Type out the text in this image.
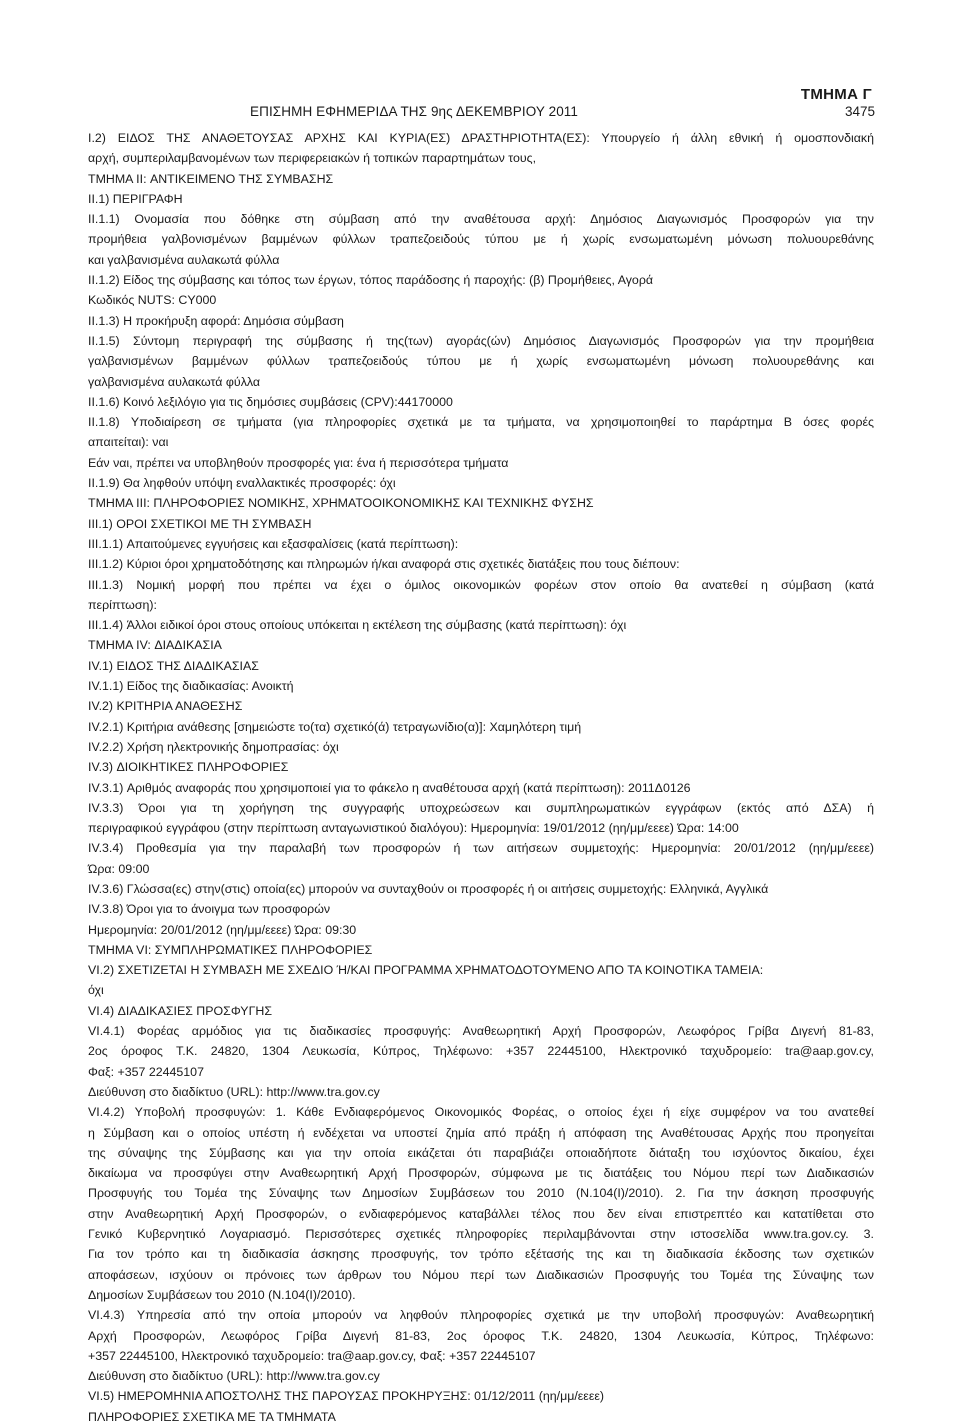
ΤΜΗΜΑ Γ
ΕΠΙΣΗΜΗ ΕΦΗΜΕΡΙΔΑ ΤΗΣ 9ης ΔΕΚΕΜΒΡΙΟΥ 2011	3475
I.2) ΕΙΔΟΣ ΤΗΣ ΑΝΑΘΕΤΟΥΣΑΣ ΑΡΧΗΣ ΚΑΙ ΚΥΡΙΑ(ΕΣ) ΔΡΑΣΤΗΡΙΟΤΗΤΑ(ΕΣ): Υπουργείο ή άλλη εθνική ή ομοσπονδιακή
αρχή, συμπεριλαμβανομένων των περιφερειακών ή τοπικών παραρτημάτων τους,
ΤΜΗΜΑ II: ΑΝΤΙΚΕΙΜΕΝΟ ΤΗΣ ΣΥΜΒΑΣΗΣ
II.1) ΠΕΡΙΓΡΑΦΗ
II.1.1) Ονομασία που δόθηκε στη σύμβαση από την αναθέτουσα αρχή: Δημόσιος Διαγωνισμός Προσφορών για την
προμήθεια γαλβονισμένων βαμμένων φύλλων τραπεζοειδούς τύπου με ή χωρίς ενσωματωμένη μόνωση πολυουρεθάνης
και γαλβανισμένα αυλακωτά φύλλα
II.1.2) Είδος της σύμβασης και τόπος των έργων, τόπος παράδοσης ή παροχής: (β) Προμήθειες, Αγορά
Κωδικός NUTS: CY000
II.1.3) Η προκήρυξη αφορά: Δημόσια σύμβαση
II.1.5) Σύντομη περιγραφή της σύμβασης ή της(των) αγοράς(ών) Δημόσιος Διαγωνισμός Προσφορών για την προμήθεια
γαλβανισμένων βαμμένων φύλλων τραπεζοειδούς τύπου με ή χωρίς ενσωματωμένη μόνωση πολυουρεθάνης και
γαλβανισμένα αυλακωτά φύλλα
II.1.6) Κοινό λεξιλόγιο για τις δημόσιες συμβάσεις (CPV):44170000
II.1.8) Υποδιαίρεση σε τμήματα (για πληροφορίες σχετικά με τα τμήματα, να χρησιμοποιηθεί το παράρτημα Β όσες φορές
απαιτείται): ναι
Εάν ναι, πρέπει να υποβληθούν προσφορές για: ένα ή περισσότερα τμήματα
II.1.9) Θα ληφθούν υπόψη εναλλακτικές προσφορές: όχι
ΤΜΗΜΑ III: ΠΛΗΡΟΦΟΡΙΕΣ ΝΟΜΙΚΗΣ, ΧΡΗΜΑΤΟΟΙΚΟΝΟΜΙΚΗΣ ΚΑΙ ΤΕΧΝΙΚΗΣ ΦΥΣΗΣ
III.1) ΟΡΟΙ ΣΧΕΤΙΚΟΙ ΜΕ ΤΗ ΣΥΜΒΑΣΗ
III.1.1) Απαιτούμενες εγγυήσεις και εξασφαλίσεις (κατά περίπτωση):
III.1.2) Κύριοι όροι χρηματοδότησης και πληρωμών ή/και αναφορά στις σχετικές διατάξεις που τους διέπουν:
III.1.3) Νομική μορφή που πρέπει να έχει ο όμιλος οικονομικών φορέων στον οποίο θα ανατεθεί η σύμβαση (κατά
περίπτωση):
III.1.4) Άλλοι ειδικοί όροι στους οποίους υπόκειται η εκτέλεση της σύμβασης (κατά περίπτωση): όχι
ΤΜΗΜΑ IV: ΔΙΑΔΙΚΑΣΙΑ
IV.1) ΕΙΔΟΣ ΤΗΣ ΔΙΑΔΙΚΑΣΙΑΣ
IV.1.1) Είδος της διαδικασίας: Ανοικτή
IV.2) ΚΡΙΤΗΡΙΑ ΑΝΑΘΕΣΗΣ
IV.2.1) Κριτήρια ανάθεσης [σημειώστε το(τα) σχετικό(ά) τετραγωνίδιο(α)]: Χαμηλότερη τιμή
IV.2.2) Χρήση ηλεκτρονικής δημοπρασίας: όχι
IV.3) ΔΙΟΙΚΗΤΙΚΕΣ ΠΛΗΡΟΦΟΡΙΕΣ
IV.3.1) Αριθμός αναφοράς που χρησιμοποιεί για το φάκελο η αναθέτουσα αρχή (κατά περίπτωση): 2011Δ0126
IV.3.3) Όροι για τη χορήγηση της συγγραφής υποχρεώσεων και συμπληρωματικών εγγράφων (εκτός από ΔΣΑ) ή
περιγραφικού εγγράφου (στην περίπτωση ανταγωνιστικού διαλόγου): Ημερομηνία: 19/01/2012 (ηη/μμ/εεεε) Ώρα: 14:00
IV.3.4) Προθεσμία για την παραλαβή των προσφορών ή των αιτήσεων συμμετοχής: Ημερομηνία: 20/01/2012 (ηη/μμ/εεεε)
Ώρα: 09:00
IV.3.6) Γλώσσα(ες) στην(στις) οποία(ες) μπορούν να συνταχθούν οι προσφορές ή οι αιτήσεις συμμετοχής: Ελληνικά, Αγγλικά
IV.3.8) Όροι για το άνοιγμα των προσφορών
Ημερομηνία: 20/01/2012 (ηη/μμ/εεεε) Ώρα: 09:30
ΤΜΗΜΑ VI: ΣΥΜΠΛΗΡΩΜΑΤΙΚΕΣ ΠΛΗΡΟΦΟΡΙΕΣ
VI.2) ΣΧΕΤΙΖΕΤΑΙ Η ΣΥΜΒΑΣΗ ΜΕ ΣΧΕΔΙΟ Ή/ΚΑΙ ΠΡΟΓΡΑΜΜΑ ΧΡΗΜΑΤΟΔΟΤΟΥΜΕΝΟ ΑΠΟ ΤΑ ΚΟΙΝΟΤΙΚΑ ΤΑΜΕΙΑ:
όχι
VI.4) ΔΙΑΔΙΚΑΣΙΕΣ ΠΡΟΣΦΥΓΗΣ
VI.4.1) Φορέας αρμόδιος για τις διαδικασίες προσφυγής: Αναθεωρητική Αρχή Προσφορών, Λεωφόρος Γρίβα Διγενή 81-83,
2ος όροφος Τ.Κ. 24820, 1304 Λευκωσία, Κύπρος, Τηλέφωνο: +357 22445100, Ηλεκτρονικό ταχυδρομείο: tra@aap.gov.cy,
Φαξ: +357 22445107
Διεύθυνση στο διαδίκτυο (URL): http://www.tra.gov.cy
VI.4.2) Υποβολή προσφυγών: 1. Κάθε Ενδιαφερόμενος Οικονομικός Φορέας, ο οποίος έχει ή είχε συμφέρον να του ανατεθεί
η Σύμβαση και ο οποίος υπέστη ή ενδέχεται να υποστεί ζημία από πράξη ή απόφαση της Αναθέτουσας Αρχής που προηγείται
της σύναψης της Σύμβασης και για την οποία εικάζεται ότι παραβιάζει οποιαδήποτε διάταξη του ισχύοντος δικαίου, έχει
δικαίωμα να προσφύγει στην Αναθεωρητική Αρχή Προσφορών, σύμφωνα με τις διατάξεις του Νόμου περί των Διαδικασιών
Προσφυγής του Τομέα της Σύναψης των Δημοσίων Συμβάσεων του 2010 (Ν.104(Ι)/2010). 2. Για την άσκηση προσφυγής
στην Αναθεωρητική Αρχή Προσφορών, ο ενδιαφερόμενος καταβάλλει τέλος που δεν είναι επιστρεπτέο και κατατίθεται στο
Γενικό Κυβερνητικό Λογαριασμό. Περισσότερες σχετικές πληροφορίες περιλαμβάνονται στην ιστοσελίδα www.tra.gov.cy. 3.
Για τον τρόπο και τη διαδικασία άσκησης προσφυγής, τον τρόπο εξέτασής της και τη διαδικασία έκδοσης των σχετικών
αποφάσεων, ισχύουν οι πρόνοιες των άρθρων του Νόμου περί των Διαδικασιών Προσφυγής του Τομέα της Σύναψης των
Δημοσίων Συμβάσεων του 2010 (Ν.104(Ι)/2010).
VI.4.3) Υπηρεσία από την οποία μπορούν να ληφθούν πληροφορίες σχετικά με την υποβολή προσφυγών: Αναθεωρητική
Αρχή Προσφορών, Λεωφόρος Γρίβα Διγενή 81-83, 2ος όροφος Τ.Κ. 24820, 1304 Λευκωσία, Κύπρος, Τηλέφωνο:
+357 22445100, Ηλεκτρονικό ταχυδρομείο: tra@aap.gov.cy, Φαξ: +357 22445107
Διεύθυνση στο διαδίκτυο (URL): http://www.tra.gov.cy
VI.5) ΗΜΕΡΟΜΗΝΙΑ ΑΠΟΣΤΟΛΗΣ ΤΗΣ ΠΑΡΟΥΣΑΣ ΠΡΟΚΗΡΥΞΗΣ: 01/12/2011 (ηη/μμ/εεεε)
ΠΛΗΡΟΦΟΡΙΕΣ ΣΧΕΤΙΚΑ ΜΕ ΤΑ ΤΜΗΜΑΤΑ
